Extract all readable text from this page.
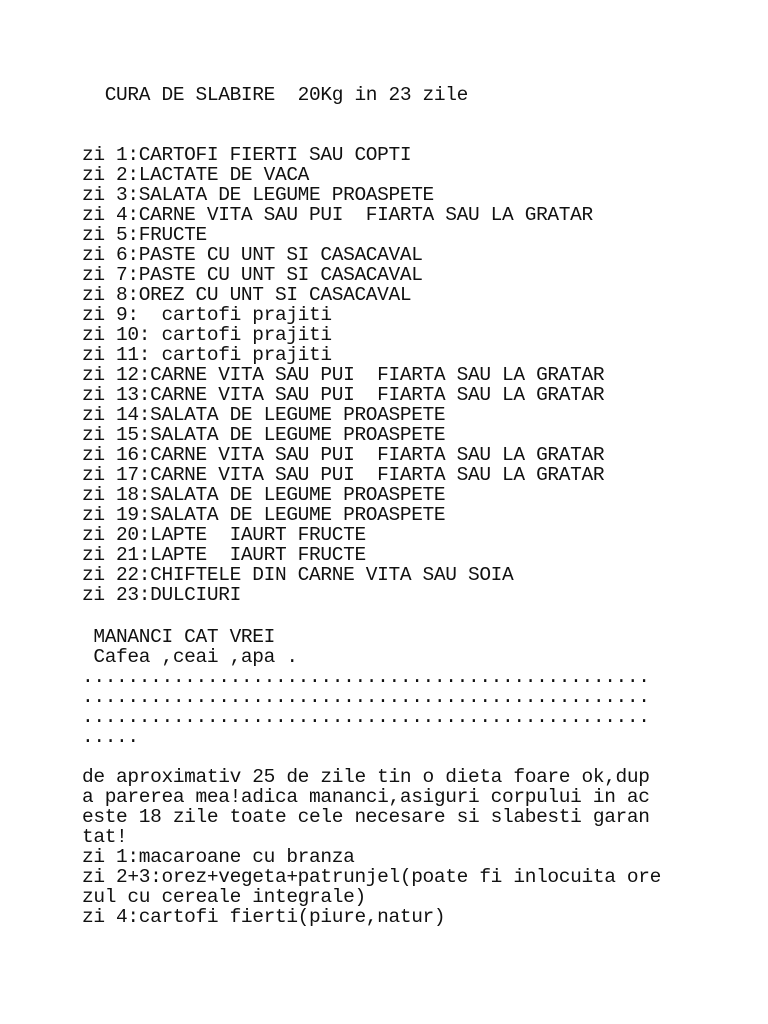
CURA DE SLABIRE  20Kg in 23 zile
zi 1:CARTOFI FIERTI SAU COPTI
zi 2:LACTATE DE VACA
zi 3:SALATA DE LEGUME PROASPETE
zi 4:CARNE VITA SAU PUI  FIARTA SAU LA GRATAR
zi 5:FRUCTE
zi 6:PASTE CU UNT SI CASACAVAL
zi 7:PASTE CU UNT SI CASACAVAL
zi 8:OREZ CU UNT SI CASACAVAL
zi 9:  cartofi prajiti
zi 10: cartofi prajiti
zi 11: cartofi prajiti
zi 12:CARNE VITA SAU PUI  FIARTA SAU LA GRATAR
zi 13:CARNE VITA SAU PUI  FIARTA SAU LA GRATAR
zi 14:SALATA DE LEGUME PROASPETE
zi 15:SALATA DE LEGUME PROASPETE
zi 16:CARNE VITA SAU PUI  FIARTA SAU LA GRATAR
zi 17:CARNE VITA SAU PUI  FIARTA SAU LA GRATAR
zi 18:SALATA DE LEGUME PROASPETE
zi 19:SALATA DE LEGUME PROASPETE
zi 20:LAPTE  IAURT FRUCTE
zi 21:LAPTE  IAURT FRUCTE
zi 22:CHIFTELE DIN CARNE VITA SAU SOIA
zi 23:DULCIURI
MANANCI CAT VREI
Cafea ,ceai ,apa .
..................................................
..................................................
..................................................
.....
de aproximativ 25 de zile tin o dieta foare ok,dup
a parerea mea!adica mananci,asiguri corpului in ac
este 18 zile toate cele necesare si slabesti garan
tat!
zi 1:macaroane cu branza
zi 2+3:orez+vegeta+patrunjel(poate fi inlocuita ore
zul cu cereale integrale)
zi 4:cartofi fierti(piure,natur)
